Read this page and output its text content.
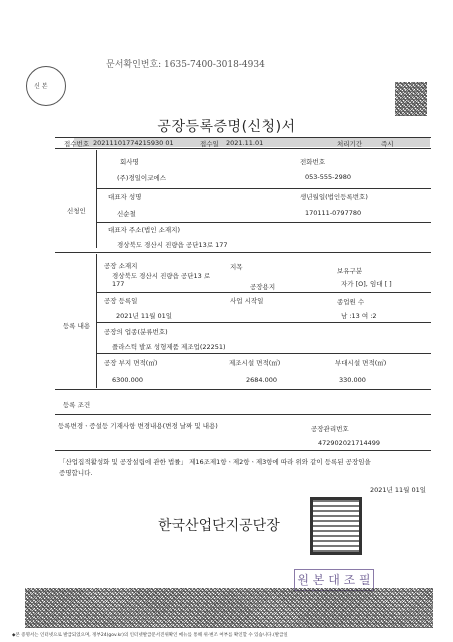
신 본
문서확인번호: 1635-7400-3018-4934
공장등록증명(신청)서
접수번호 20211101774215930 01	접수일 2021.11.01	처리기간	즉시
신청인
회사명
(주)경일이코에스
전화번호
053-555-2980
대표자 성명
신순철
생년월일(법인등록번호)
170111-0797780
대표자 주소(법인 소재지)
경상북도 경산시 진량읍 공단13로 177
등록 내용
공장 소재지
경상북도 경산시 진량읍 공단13 로 177
지목
공장용지
보유구분
자가 [O], 임대 [ ]
공장 등록일
2021년 11월 01일
사업 시작일	종업원 수
남 :13 여 :2
공장의 업종(분류번호)
플라스틱 발포 성형제품 제조업(22251)
공장 부지 면적(㎡)
6300.000
제조시설 면적(㎡)
2684.000
부대시설 면적(㎡)
330.000
등록 조건
등록변경ㆍ증설등 기재사항 변경내용(변경 날짜 및 내용)	공장관리번호
472902021714499
「산업집적활성화 및 공장설립에 관한 법률」 제16조제1항ㆍ제2항ㆍ제3항에 따라 위와 같이 등록된 공장임을
증명합니다.
2021년 11월 01일
한국산업단지공단장
원 본 대 조 필
◆본 증명서는 인터넷으로 발급되었으며, 정부24(gov.kr)의 인터넷발급문서진위확인 메뉴를 통해 위·변조 여부를 확인할 수 있습니다.(발급일
